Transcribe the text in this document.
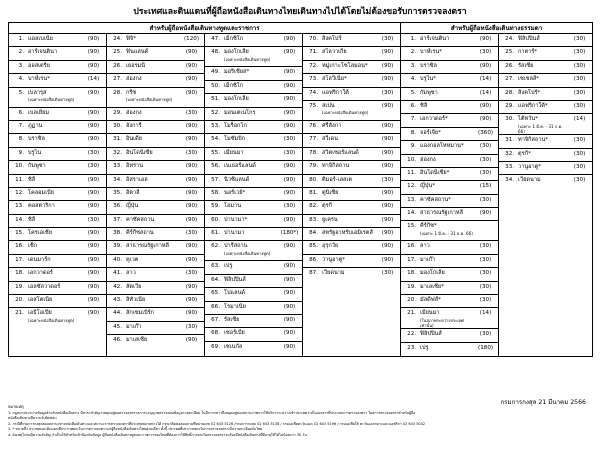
ประเทศและดินแดนที่ผู้ถือหนังสือเดินทางไทยเดินทางไปได้โดยไม่ต้องขอรับการตรวจลงตรา
สำหรับผู้ถือหนังสือเดินทางทูตและราชการ				สำหรับผู้ถือหนังสือเดินทางธรรมดา	

1. แอลเบเนีย	(90)
2. อาร์เจนตินา	(90)
3. ออสเตรีย	(90)
4. บาห์เรน*	(14)
5. เบลารุส
(เฉพาะหนังสือเดินทางทูต)
(90)
6. เบลเยียม	(90)
7. ภูฏาน	(90)
8. บราซิล	(90)
9. บรูไน	(30)
10. กัมพูชา	(30)
11. ชิลี	(90)
12. โคลอมเบีย	(90)
13. คอสตาริกา	(90)
14. ชิลี	(30)
15. โครเอเชีย	(90)
16. เช็ก	(90)
17. เดนมาร์ก	(90)
18. เอกวาดอร์	(90)
19. เอลซัลวาดอร์	(90)
20. เอสโตเนีย	(90)
21. เอธิโอเปีย
(เฉพาะหนังสือเดินทางทูต)
(90)

24. ฟิจิ*	(120)
25. ฟินแลนด์	(90)
26. เยอรมนี	(90)
27. ฮ่องกง	(90)
28. กรีซ
(เฉพาะหนังสือเดินทางทูต)
(90)
29. ฮ่องกง	(30)
30. ฮังการี	(90)
31. อินเดีย	(90)
32. อินโดนีเซีย	(30)
33. อิหร่าน	(90)
34. อิสราเอล	(90)
35. อิตาลี	(90)
36. ญี่ปุ่น	(90)
37. คาซัคสถาน	(90)
38. คีร์กีซสถาน	(30)
39. สาธารณรัฐเกาหลี	(90)
40. คูเวต	(90)
41. ลาว	(30)
42. ลัตเวีย	(90)
43. ลิทัวเนีย	(90)
44. ลักเซมเบิร์ก	(90)
45. มาเก๊า	(30)
46. มาเลเซีย	(90)

47. เม็กซิโก	(90)
48. มองโกเลีย
(เฉพาะหนังสือเดินทางทูต)
(90)
49. มอริเชียส*	(90)
50. เม็กซิโก	(90)
51. มองโกเลีย	(90)
52. มอนเตเนโกร	(90)
53. โมร็อกโก	(90)
54. โมซัมบิก	(30)
55. เมียนมา	(30)
56. เนเธอร์แลนด์	(90)
57. นิวซีแลนด์	(90)
58. นอร์เวย์*	(90)
59. โอมาน	(30)
60. ปานามา*	(90)
61. ปานามา	(180*)
62. ปารีสถาน
(เฉพาะหนังสือเดินทางทูต)
(90)
63. เปรู	(90)
64. ฟิลิปปินส์	(90)
65. โปแลนด์	(90)
66. โรมาเนีย	(90)
67. รัสเซีย	(90)
68. เซอร์เบีย	(90)
69. เซเนกัล	(90)

70. สิงคโปร์	(30)
71. สโลวาเกีย	(90)
72. หมู่เกาะโซโลมอน*	(90)
73. สโลวีเนีย*	(90)
74. แอฟริกาใต้	(30)
75. สเปน
(เฉพาะหนังสือเดินทางทูต)
(90)
76. ศรีลังกา	(90)
77. สวีเดน	(90)
78. สวิตเซอร์แลนด์	(90)
79. ทาจิกิสถาน	(90)
80. ติมอร์-เลสเต	(30)
81. ตูนิเซีย	(90)
82. ตุรกี	(90)
83. ยูเครน	(90)
84. สหรัฐอาหรับเอมิเรตส์	(90)
85. อุรุกวัย	(90)
86. วานูอาตู*	(90)
87. เวียดนาม	(30)

1. อาร์เจนตินา	(90)
2. บาห์เรน*	(30)
3. บราซิล	(90)
4. บรูไน*	(14)
5. กัมพูชา	(14)
6. ชิลี	(90)
7. เอกวาดอร์*	(90)
8. จอร์เจีย*	(360)
9. แองกอลโหหมาน*	(30)
10. ฮ่องกง	(30)
11. อินโดนีเซีย*	(30)
12. ญี่ปุ่น*	(15)
13. คาซัคสถาน*	(30)
14. สาธารณรัฐเกาหลี	(90)
15. คีร์กีซ*
(เฉพาะ 1 มี.ค. - 31 ธ.ค. 66)
16. ลาว	(30)
17. มาเก๊า	(30)
18. มองโกเลีย	(30)
19. มาเลเซีย*	(30)
20. มัลดีฟส์*	(30)
21. เมียนมา
(ในสภาพระหว่างประเทศเท่านั้น)
(14)
22. ฟิลิปปินส์	(30)
23. เปรู	(180)

24. ฟิลิปปินส์	(30)
25. กาตาร์*	(30)
26. รัสเซีย	(30)
27. เซเชลส์*	(30)
28. สิงคโปร์*	(30)
29. แอฟริกาใต้*	(30)
30. ไต้หวัน*
(เฉพาะ 1 มี.ค. - 31 ก.ค. 66)
(14)
31. ทาจิกิสถาน*	(30)
32. ตุรกี*	(30)
33. วานูอาตู*	(30)
34. เวียดนาม	(30)
หมายเหตุ
1. กฎหมายระหว่างข้อมูลสำหรับหนังสือเดินทาง มีสาระสำคัญว่าหยุดอยู่ขอตรวจลงตราสภาระอนุญาตตรวจสอบข้อมูลรายละเอียด ในมีการกล่าวถึงหยุดอยู่ของสถานภาพการใช้บริการระหว่างเข้าประเทศว่าเป็นเอกสารที่ประกอบการตรวจลงตรา โดยการตรวจลงตราสำหรับผู้ถือหนังสือเดินทางมีความรับผิดชอบ
2. กรณีที่กรมการกงสุลสอบสถานะทางหนังสือเดินทางและสถานะการตรวจลงตราที่ประเทศปลายทางได้ กรุณาติดต่อสอบถามที่หมายเลข 02 643 5126 /กรมการกงสุล 02 643 5138 / กรมเอเชียตะวันออก 02 643 5196 / กรมเอเชียใต้ ตะวันออกกลางและแอฟริกา 02 643 5042
3. * หมายถึง ประเทศและดินแดนที่ประกาศยกเว้นการตรวจลงตราแก่ผู้ถือหนังสือเดินทางไทยฝ่ายเดียว ทั้งนี้ ประเทศที่ประกาศยกเว้นการตรวจลงตราเป็นรายละเอียดกับไทย
4. ดังเหตุโปรดมีความสำคัญ จำเป็นให้สำหรับเข้าป้องกันข้อมูล ผู้ถือหนังสือเดินทางทูตและราชการของไทยที่ต้องการใช้สิทธิ์การยกเว้นตรวจลงตราจะต้องมีหนังสือเดินทางที่มีอายุใช้ได้ไม่น้อยกว่า 30 วัน
กรมการกงสุล 21 มีนาคม 2566
